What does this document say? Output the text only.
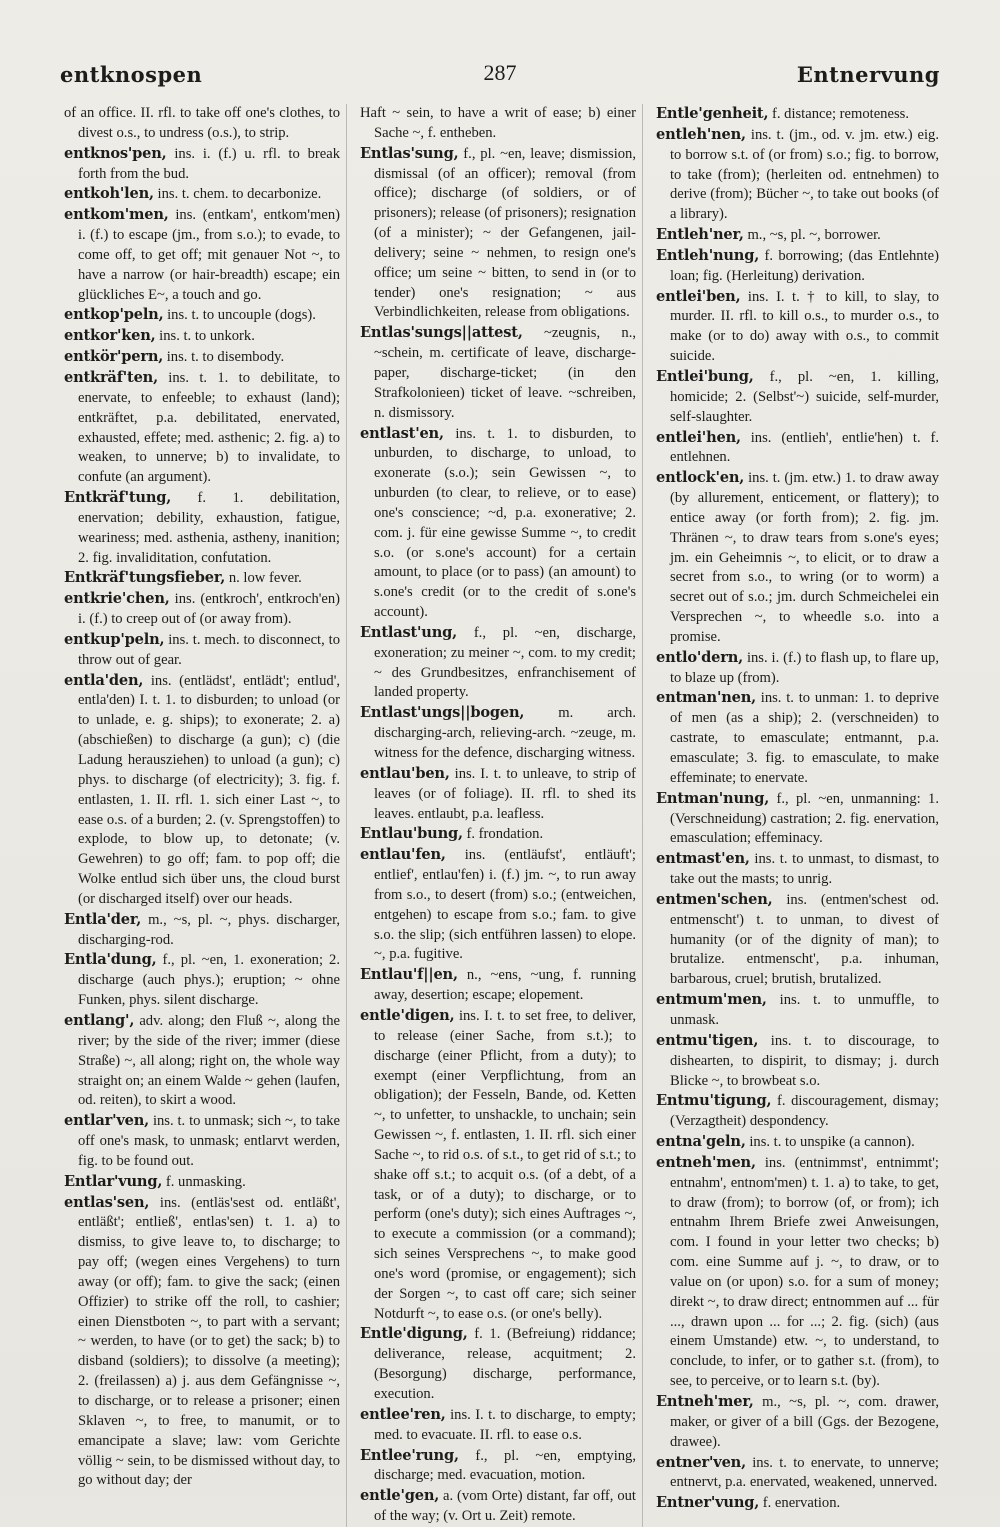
entknospen	287	Entnervung

of an office. II. rfl. to take off one's clothes, to divest o.s., to undress (o.s.), to strip.

entknos'pen, ins. i. (f.) u. rfl. to break forth from the bud.

entkoh'len, ins. t. chem. to decarbonize.

entkom'men, ins. (entkam', entkom'men) i. (f.) to escape (jm., from s.o.); to evade, to come off, to get off; mit genauer Not ~, to have a narrow (or hair-breadth) escape; ein glückliches E~, a touch and go.

entkop'peln, ins. t. to uncouple (dogs).

entkor'ken, ins. t. to unkork.

entkör'pern, ins. t. to disembody.

entkräf'ten, ins. t. 1. to debilitate, to enervate, to enfeeble; to exhaust (land); entkräftet, p.a. debilitated, enervated, exhausted, effete; med. asthenic; 2. fig. a) to weaken, to unnerve; b) to invalidate, to confute (an argument).

Entkräf'tung, f. 1. debilitation, enervation; debility, exhaustion, fatigue, weariness; med. asthenia, astheny, inanition; 2. fig. invaliditation, confutation.

Entkräf'tungsfieber, n. low fever.

entkrie'chen, ins. (entkroch', entkroch'en) i. (f.) to creep out of (or away from).

entkup'peln, ins. t. mech. to disconnect, to throw out of gear.

entla'den, ins. (entlädst', entlädt'; entlud', entla'den) I. t. 1. to disburden; to unload (or to unlade, e. g. ships); to exonerate; 2. a) (abschießen) to discharge (a gun); c) (die Ladung herausziehen) to unload (a gun); c) phys. to discharge (of electricity); 3. fig. f. entlasten, 1. II. rfl. 1. sich einer Last ~, to ease o.s. of a burden; 2. (v. Sprengstoffen) to explode, to blow up, to detonate; (v. Gewehren) to go off; fam. to pop off; die Wolke entlud sich über uns, the cloud burst (or discharged itself) over our heads.

Entla'der, m., ~s, pl. ~, phys. discharger, discharging-rod.

Entla'dung, f., pl. ~en, 1. exoneration; 2. discharge (auch phys.); eruption; ~ ohne Funken, phys. silent discharge.

entlang', adv. along; den Fluß ~, along the river; by the side of the river; immer (diese Straße) ~, all along; right on, the whole way straight on; an einem Walde ~ gehen (laufen, od. reiten), to skirt a wood.

entlar'ven, ins. t. to unmask; sich ~, to take off one's mask, to unmask; entlarvt werden, fig. to be found out.

Entlar'vung, f. unmasking.

entlas'sen, ins. (entläs'sest od. entläßt', entläßt'; entließ', entlas'sen) t. 1. a) to dismiss, to give leave to, to discharge; to pay off; (wegen eines Vergehens) to turn away (or off); fam. to give the sack; (einen Offizier) to strike off the roll, to cashier; einen Dienstboten ~, to part with a servant; ~ werden, to have (or to get) the sack; b) to disband (soldiers); to dissolve (a meeting); 2. (freilassen) a) j. aus dem Gefängnisse ~, to discharge, or to release a prisoner; einen Sklaven ~, to free, to manumit, or to emancipate a slave; law: vom Gerichte völlig ~ sein, to be dismissed without day, to go without day; der

Haft ~ sein, to have a writ of ease; b) einer Sache ~, f. entheben.

Entlas'sung, f., pl. ~en, leave; dismission, dismissal (of an officer); removal (from office); discharge (of soldiers, or of prisoners); release (of prisoners); resignation (of a minister); ~ der Gefangenen, jail-delivery; seine ~ nehmen, to resign one's office; um seine ~ bitten, to send in (or to tender) one's resignation; ~ aus Verbindlichkeiten, release from obligations.

Entlas'sungs||attest, ~zeugnis, n., ~schein, m. certificate of leave, discharge-paper, discharge-ticket; (in den Strafkolonieen) ticket of leave. ~schreiben, n. dismissory.

entlast'en, ins. t. 1. to disburden, to unburden, to discharge, to unload, to exonerate (s.o.); sein Gewissen ~, to unburden (to clear, to relieve, or to ease) one's conscience; ~d, p.a. exonerative; 2. com. j. für eine gewisse Summe ~, to credit s.o. (or s.one's account) for a certain amount, to place (or to pass) (an amount) to s.one's credit (or to the credit of s.one's account).

Entlast'ung, f., pl. ~en, discharge, exoneration; zu meiner ~, com. to my credit; ~ des Grundbesitzes, enfranchisement of landed property.

Entlast'ungs||bogen, m. arch. discharging-arch, relieving-arch. ~zeuge, m. witness for the defence, discharging witness.

entlau'ben, ins. I. t. to unleave, to strip of leaves (or of foliage). II. rfl. to shed its leaves. entlaubt, p.a. leafless.

Entlau'bung, f. frondation.

entlau'fen, ins. (entläufst', entläuft'; entlief', entlau'fen) i. (f.) jm. ~, to run away from s.o., to desert (from) s.o.; (entweichen, entgehen) to escape from s.o.; fam. to give s.o. the slip; (sich entführen lassen) to elope. ~, p.a. fugitive.

Entlau'f||en, n., ~ens, ~ung, f. running away, desertion; escape; elopement.

entle'digen, ins. I. t. to set free, to deliver, to release (einer Sache, from s.t.); to discharge (einer Pflicht, from a duty); to exempt (einer Verpflichtung, from an obligation); der Fesseln, Bande, od. Ketten ~, to unfetter, to unshackle, to unchain; sein Gewissen ~, f. entlasten, 1. II. rfl. sich einer Sache ~, to rid o.s. of s.t., to get rid of s.t.; to shake off s.t.; to acquit o.s. (of a debt, of a task, or of a duty); to discharge, or to perform (one's duty); sich eines Auftrages ~, to execute a commission (or a command); sich seines Versprechens ~, to make good one's word (promise, or engagement); sich der Sorgen ~, to cast off care; sich seiner Notdurft ~, to ease o.s. (or one's belly).

Entle'digung, f. 1. (Befreiung) riddance; deliverance, release, acquitment; 2. (Besorgung) discharge, performance, execution.

entlee'ren, ins. I. t. to discharge, to empty; med. to evacuate. II. rfl. to ease o.s.

Entlee'rung, f., pl. ~en, emptying, discharge; med. evacuation, motion.

entle'gen, a. (vom Orte) distant, far off, out of the way; (v. Ort u. Zeit) remote.

Entle'genheit, f. distance; remoteness.

entleh'nen, ins. t. (jm., od. v. jm. etw.) eig. to borrow s.t. of (or from) s.o.; fig. to borrow, to take (from); (herleiten od. entnehmen) to derive (from); Bücher ~, to take out books (of a library).

Entleh'ner, m., ~s, pl. ~, borrower.

Entleh'nung, f. borrowing; (das Entlehnte) loan; fig. (Herleitung) derivation.

entlei'ben, ins. I. t. † to kill, to slay, to murder. II. rfl. to kill o.s., to murder o.s., to make (or to do) away with o.s., to commit suicide.

Entlei'bung, f., pl. ~en, 1. killing, homicide; 2. (Selbst'~) suicide, self-murder, self-slaughter.

entlei'hen, ins. (entlieh', entlie'hen) t. f. entlehnen.

entlock'en, ins. t. (jm. etw.) 1. to draw away (by allurement, enticement, or flattery); to entice away (or forth from); 2. fig. jm. Thränen ~, to draw tears from s.one's eyes; jm. ein Geheimnis ~, to elicit, or to draw a secret from s.o., to wring (or to worm) a secret out of s.o.; jm. durch Schmeichelei ein Versprechen ~, to wheedle s.o. into a promise.

entlo'dern, ins. i. (f.) to flash up, to flare up, to blaze up (from).

entman'nen, ins. t. to unman: 1. to deprive of men (as a ship); 2. (verschneiden) to castrate, to emasculate; entmannt, p.a. emasculate; 3. fig. to emasculate, to make effeminate; to enervate.

Entman'nung, f., pl. ~en, unmanning: 1. (Verschneidung) castration; 2. fig. enervation, emasculation; effeminacy.

entmast'en, ins. t. to unmast, to dismast, to take out the masts; to unrig.

entmen'schen, ins. (entmen'schest od. entmenscht') t. to unman, to divest of humanity (or of the dignity of man); to brutalize. entmenscht', p.a. inhuman, barbarous, cruel; brutish, brutalized.

entmum'men, ins. t. to unmuffle, to unmask.

entmu'tigen, ins. t. to discourage, to dishearten, to dispirit, to dismay; j. durch Blicke ~, to browbeat s.o.

Entmu'tigung, f. discouragement, dismay; (Verzagtheit) despondency.

entna'geln, ins. t. to unspike (a cannon).

entneh'men, ins. (entnimmst', entnimmt'; entnahm', entnom'men) t. 1. a) to take, to get, to draw (from); to borrow (of, or from); ich entnahm Ihrem Briefe zwei Anweisungen, com. I found in your letter two checks; b) com. eine Summe auf j. ~, to draw, or to value on (or upon) s.o. for a sum of money; direkt ~, to draw direct; entnommen auf ... für ..., drawn upon ... for ...; 2. fig. (sich) (aus einem Umstande) etw. ~, to understand, to conclude, to infer, or to gather s.t. (from), to see, to perceive, or to learn s.t. (by).

Entneh'mer, m., ~s, pl. ~, com. drawer, maker, or giver of a bill (Ggs. der Bezogene, drawee).

entner'ven, ins. t. to enervate, to unnerve; entnervt, p.a. enervated, weakened, unnerved.

Entner'vung, f. enervation.
